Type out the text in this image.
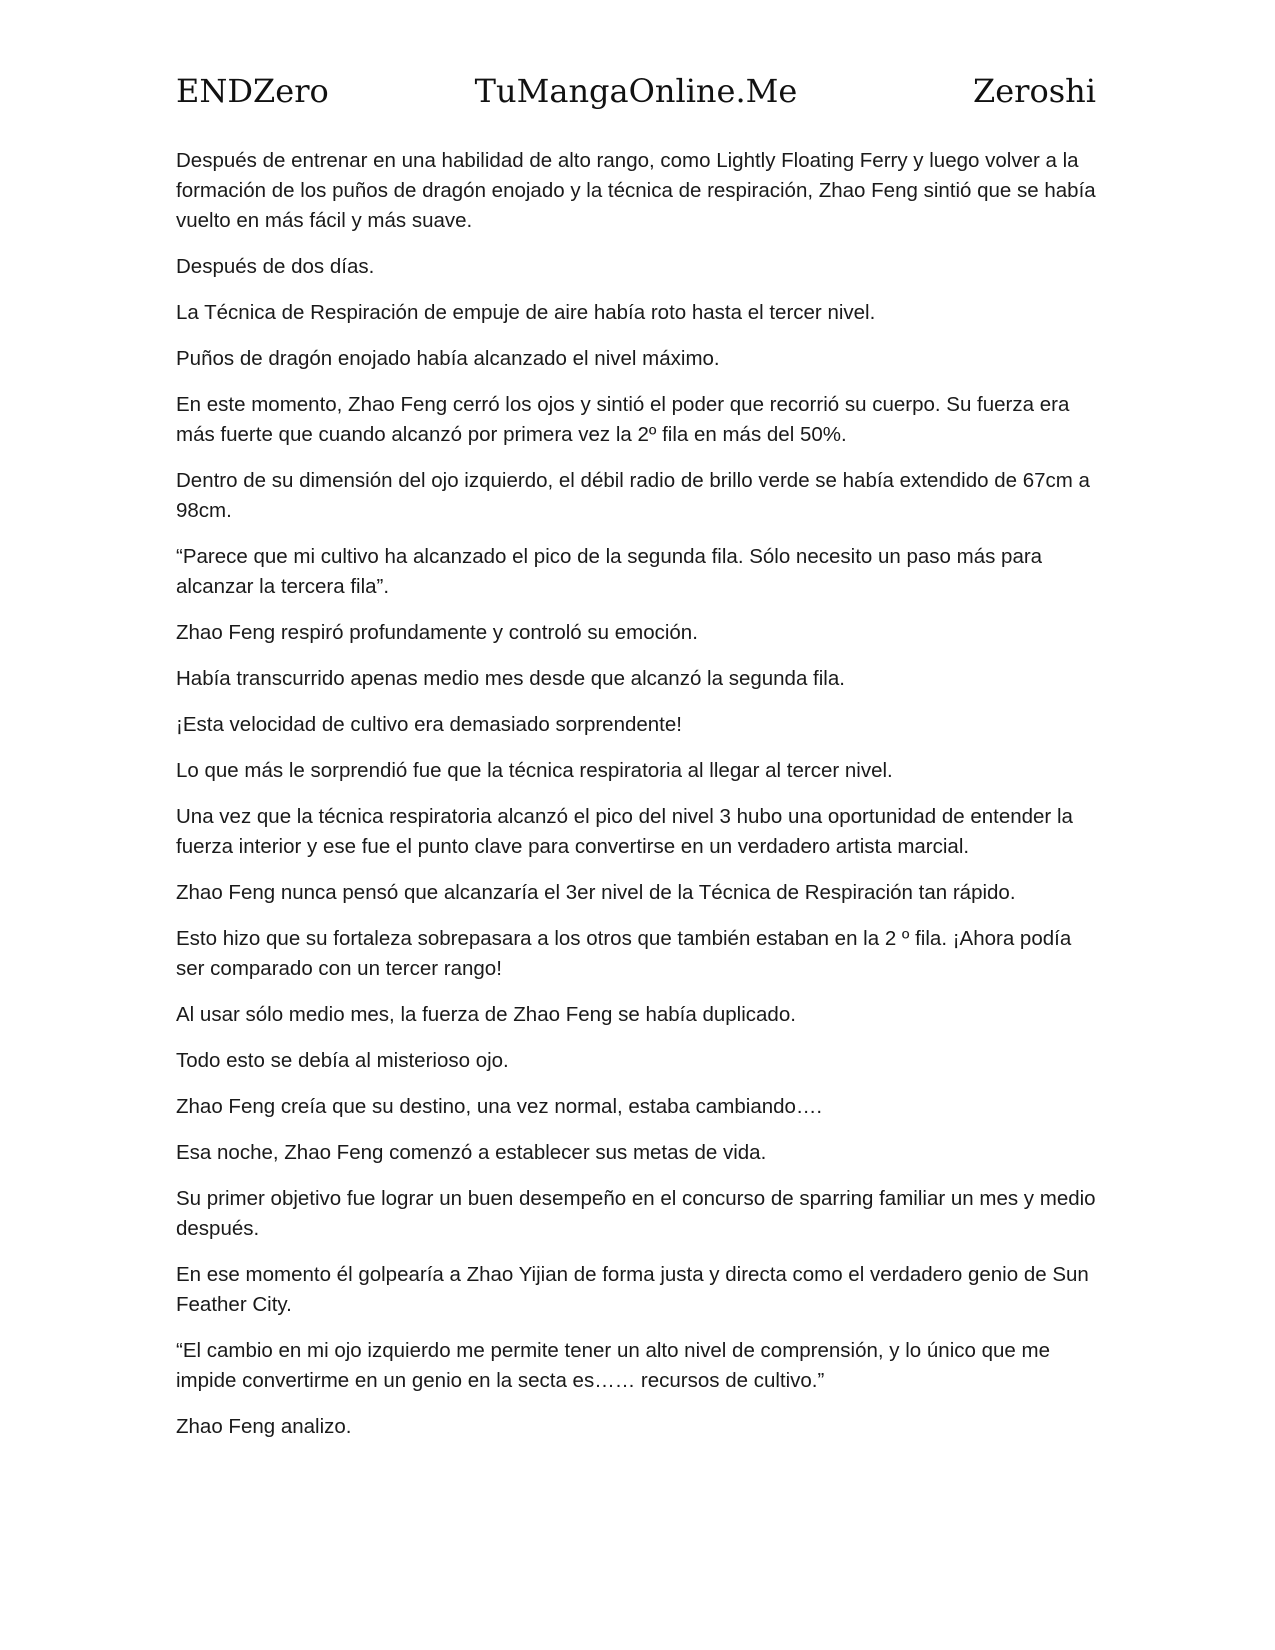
ENDZero	TuMangaOnline.Me	Zeroshi

Después de entrenar en una habilidad de alto rango, como Lightly Floating Ferry y luego volver a la formación de los puños de dragón enojado y la técnica de respiración, Zhao Feng sintió que se había vuelto en más fácil y más suave.

Después de dos días.

La Técnica de Respiración de empuje de aire había roto hasta el tercer nivel.

Puños de dragón enojado había alcanzado el nivel máximo.

En este momento, Zhao Feng cerró los ojos y sintió el poder que recorrió su cuerpo. Su fuerza era más fuerte que cuando alcanzó por primera vez la 2º fila en más del 50%.

Dentro de su dimensión del ojo izquierdo, el débil radio de brillo verde se había extendido de 67cm a 98cm.

“Parece que mi cultivo ha alcanzado el pico de la segunda fila. Sólo necesito un paso más para alcanzar la tercera fila”.

Zhao Feng respiró profundamente y controló su emoción.

Había transcurrido apenas medio mes desde que alcanzó la segunda fila.

¡Esta velocidad de cultivo era demasiado sorprendente!

Lo que más le sorprendió fue que la técnica respiratoria al llegar al tercer nivel.

Una vez que la técnica respiratoria alcanzó el pico del nivel 3 hubo una oportunidad de entender la fuerza interior y ese fue el punto clave para convertirse en un verdadero artista marcial.

Zhao Feng nunca pensó que alcanzaría el 3er nivel de la Técnica de Respiración tan rápido.

Esto hizo que su fortaleza sobrepasara a los otros que también estaban en la 2 º fila. ¡Ahora podía ser comparado con un tercer rango!

Al usar sólo medio mes, la fuerza de Zhao Feng se había duplicado.

Todo esto se debía al misterioso ojo.

Zhao Feng creía que su destino, una vez normal, estaba cambiando….

Esa noche, Zhao Feng comenzó a establecer sus metas de vida.

Su primer objetivo fue lograr un buen desempeño en el concurso de sparring familiar un mes y medio después.

En ese momento él golpearía a Zhao Yijian de forma justa y directa como el verdadero genio de Sun Feather City.

“El cambio en mi ojo izquierdo me permite tener un alto nivel de comprensión, y lo único que me impide convertirme en un genio en la secta es…… recursos de cultivo.”

Zhao Feng analizo.
